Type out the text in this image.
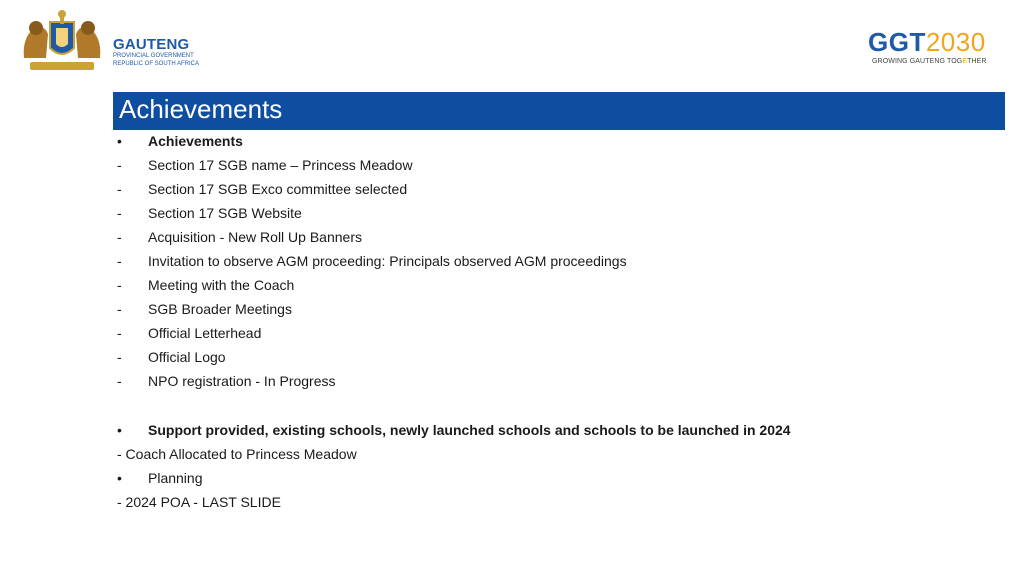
GAUTENG
PROVINCIAL GOVERNMENT
REPUBLIC OF SOUTH AFRICA
GGT2030
GROWING GAUTENG TOGETHER
Achievements
•	Achievements
-	Section 17 SGB name – Princess Meadow
-	Section 17 SGB Exco committee selected
-	Section 17 SGB Website
-	Acquisition - New Roll Up Banners
-	Invitation to observe AGM proceeding: Principals observed AGM proceedings
-	Meeting with the Coach
-	SGB Broader Meetings
-	Official Letterhead
-	Official Logo
-	NPO registration - In Progress
•	Support provided, existing schools, newly launched schools and schools to be launched in 2024
- Coach Allocated to Princess Meadow
•	Planning
- 2024 POA - LAST SLIDE
